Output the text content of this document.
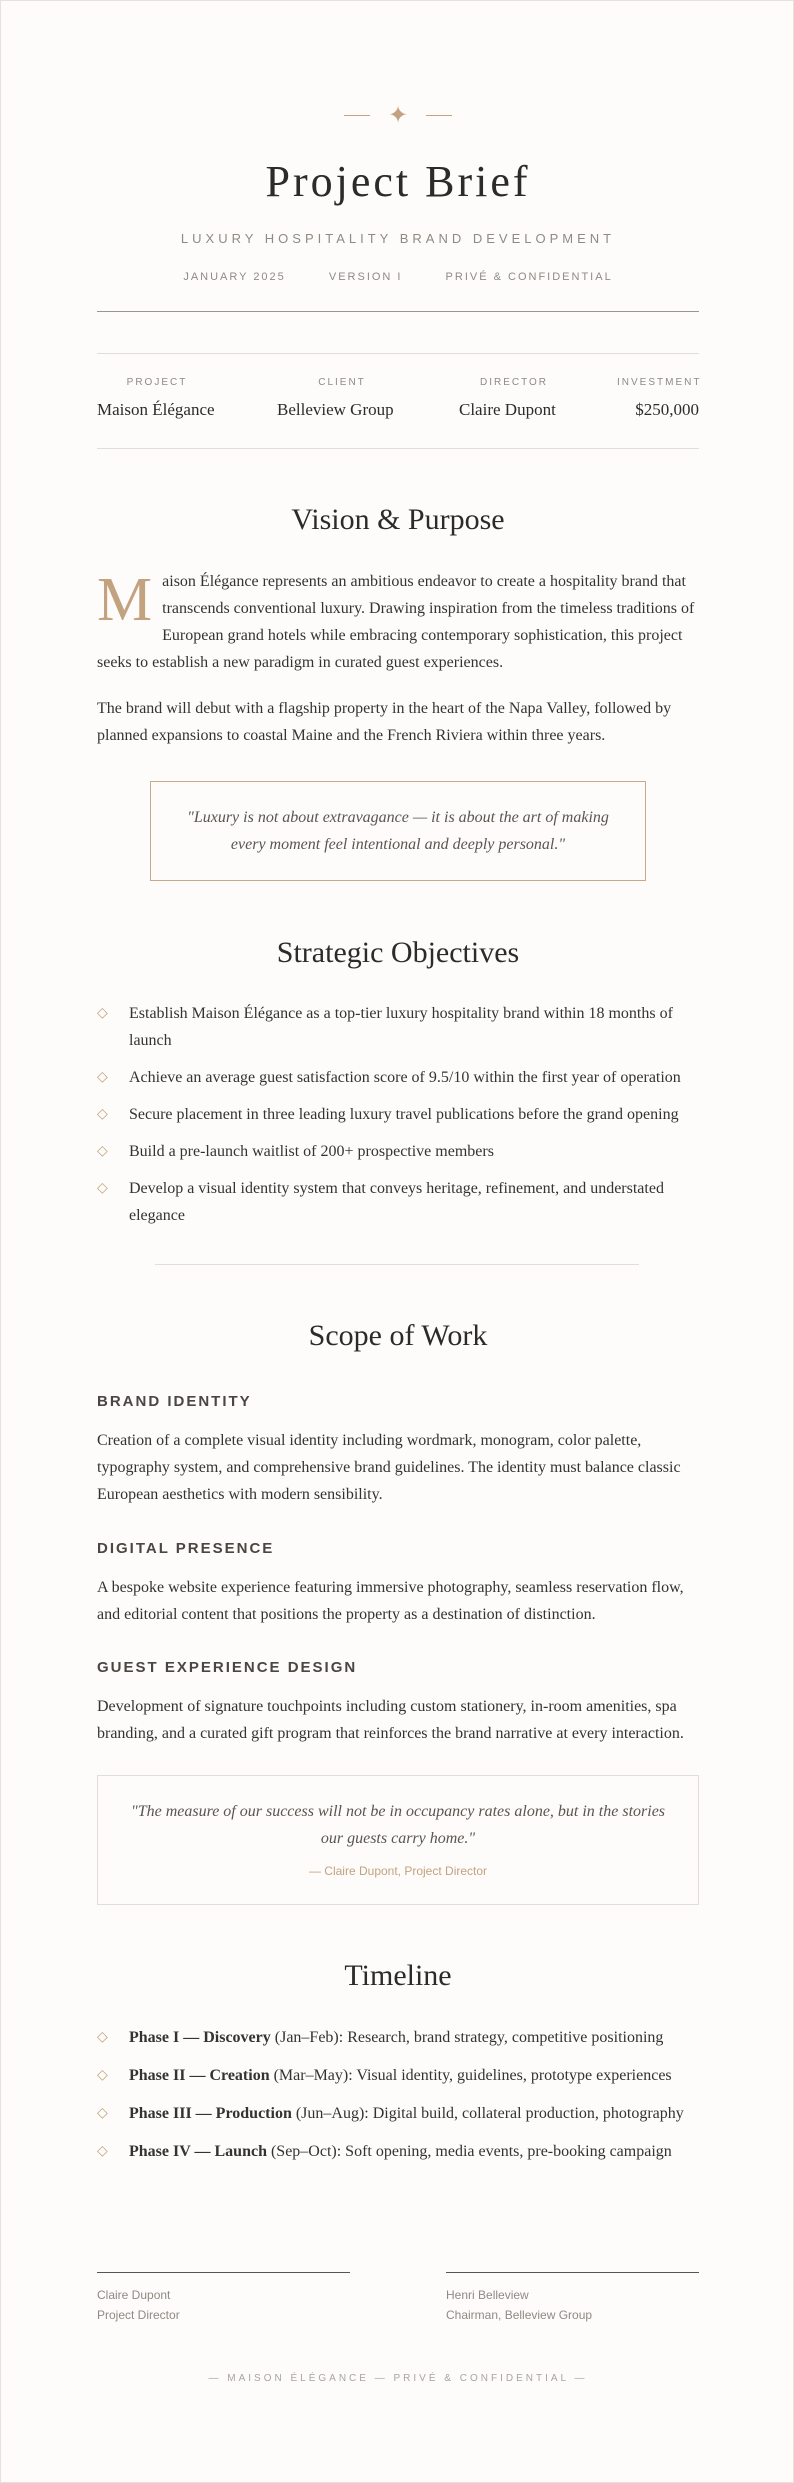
✦
Project Brief
LUXURY HOSPITALITY BRAND DEVELOPMENT
JANUARY 2025	VERSION I	PRIVÉ & CONFIDENTIAL
PROJECT
Maison Élégance
CLIENT
Belleview Group
DIRECTOR
Claire Dupont
INVESTMENT
$250,000
Vision & Purpose

Maison Élégance represents an ambitious endeavor to create a hospitality brand that transcends conventional luxury. Drawing inspiration from the timeless traditions of European grand hotels while embracing contemporary sophistication, this project seeks to establish a new paradigm in curated guest experiences.

The brand will debut with a flagship property in the heart of the Napa Valley, followed by planned expansions to coastal Maine and the French Riviera within three years.

"Luxury is not about extravagance — it is about the art of making every moment feel intentional and deeply personal."
Strategic Objectives
◇ Establish Maison Élégance as a top-tier luxury hospitality brand within 18 months of launch
◇ Achieve an average guest satisfaction score of 9.5/10 within the first year of operation
◇ Secure placement in three leading luxury travel publications before the grand opening
◇ Build a pre-launch waitlist of 200+ prospective members
◇ Develop a visual identity system that conveys heritage, refinement, and understated elegance
Scope of Work
BRAND IDENTITY

Creation of a complete visual identity including wordmark, monogram, color palette, typography system, and comprehensive brand guidelines. The identity must balance classic European aesthetics with modern sensibility.

DIGITAL PRESENCE

A bespoke website experience featuring immersive photography, seamless reservation flow, and editorial content that positions the property as a destination of distinction.

GUEST EXPERIENCE DESIGN

Development of signature touchpoints including custom stationery, in-room amenities, spa branding, and a curated gift program that reinforces the brand narrative at every interaction.

"The measure of our success will not be in occupancy rates alone, but in the stories our guests carry home."
— Claire Dupont, Project Director
Timeline
◇ Phase I — Discovery (Jan–Feb): Research, brand strategy, competitive positioning
◇ Phase II — Creation (Mar–May): Visual identity, guidelines, prototype experiences
◇ Phase III — Production (Jun–Aug): Digital build, collateral production, photography
◇ Phase IV — Launch (Sep–Oct): Soft opening, media events, pre-booking campaign
Claire Dupont
Project Director
Henri Belleview
Chairman, Belleview Group
— MAISON ÉLÉGANCE — PRIVÉ & CONFIDENTIAL —
